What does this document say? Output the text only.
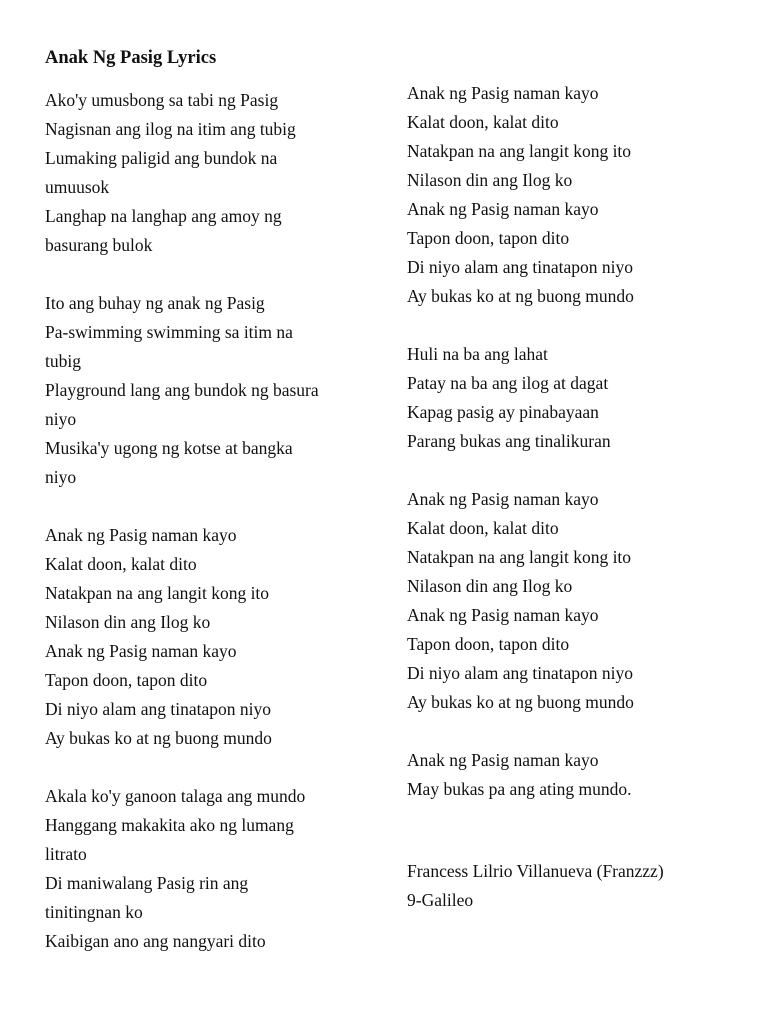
Anak Ng Pasig Lyrics
Ako'y umusbong sa tabi ng Pasig
Nagisnan ang ilog na itim ang tubig
Lumaking paligid ang bundok na
umuusok
Langhap na langhap ang amoy ng
basurang bulok
Ito ang buhay ng anak ng Pasig
Pa-swimming swimming sa itim na
tubig
Playground lang ang bundok ng basura
niyo
Musika'y ugong ng kotse at bangka
niyo
Anak ng Pasig naman kayo
Kalat doon, kalat dito
Natakpan na ang langit kong ito
Nilason din ang Ilog ko
Anak ng Pasig naman kayo
Tapon doon, tapon dito
Di niyo alam ang tinatapon niyo
Ay bukas ko at ng buong mundo
Akala ko'y ganoon talaga ang mundo
Hanggang makakita ako ng lumang
litrato
Di maniwalang Pasig rin ang
tinitingnan ko
Kaibigan ano ang nangyari dito
Anak ng Pasig naman kayo
Kalat doon, kalat dito
Natakpan na ang langit kong ito
Nilason din ang Ilog ko
Anak ng Pasig naman kayo
Tapon doon, tapon dito
Di niyo alam ang tinatapon niyo
Ay bukas ko at ng buong mundo
Huli na ba ang lahat
Patay na ba ang ilog at dagat
Kapag pasig ay pinabayaan
Parang bukas ang tinalikuran
Anak ng Pasig naman kayo
Kalat doon, kalat dito
Natakpan na ang langit kong ito
Nilason din ang Ilog ko
Anak ng Pasig naman kayo
Tapon doon, tapon dito
Di niyo alam ang tinatapon niyo
Ay bukas ko at ng buong mundo
Anak ng Pasig naman kayo
May bukas pa ang ating mundo.
Francess Lilrio Villanueva (Franzzz)
9-Galileo
